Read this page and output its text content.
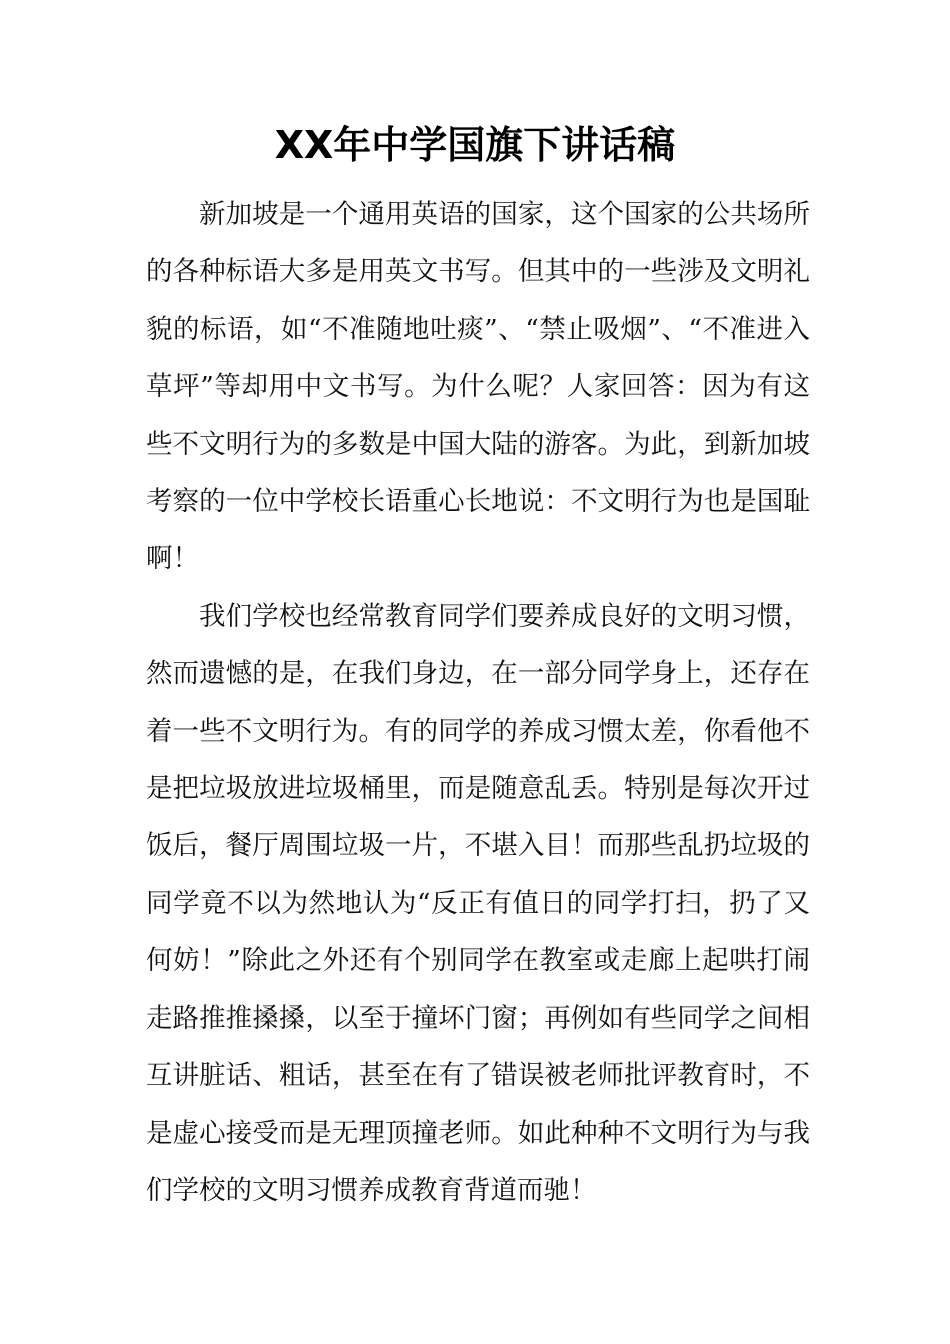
XX年中学国旗下讲话稿

新加坡是一个通用英语的国家，这个国家的公共场所的各种标语大多是用英文书写。但其中的一些涉及文明礼貌的标语，如“不准随地吐痰”、“禁止吸烟”、“不准进入草坪”等却用中文书写。为什么呢？人家回答：因为有这些不文明行为的多数是中国大陆的游客。为此，到新加坡考察的一位中学校长语重心长地说：不文明行为也是国耻啊！

我们学校也经常教育同学们要养成良好的文明习惯，然而遗憾的是，在我们身边，在一部分同学身上，还存在着一些不文明行为。有的同学的养成习惯太差，你看他不是把垃圾放进垃圾桶里，而是随意乱丢。特别是每次开过饭后，餐厅周围垃圾一片，不堪入目！而那些乱扔垃圾的同学竟不以为然地认为“反正有值日的同学打扫，扔了又何妨！”除此之外还有个别同学在教室或走廊上起哄打闹走路推推搡搡，以至于撞坏门窗；再例如有些同学之间相互讲脏话、粗话，甚至在有了错误被老师批评教育时，不是虚心接受而是无理顶撞老师。如此种种不文明行为与我们学校的文明习惯养成教育背道而驰！
